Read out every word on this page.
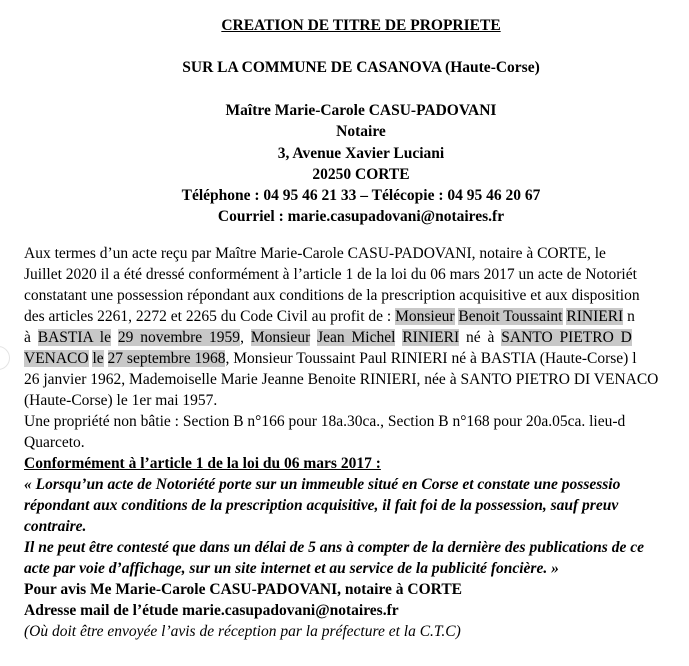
CREATION DE TITRE DE PROPRIETE
SUR LA COMMUNE DE CASANOVA (Haute-Corse)
Maître Marie-Carole CASU-PADOVANI
Notaire
3, Avenue Xavier Luciani
20250 CORTE
Téléphone : 04 95 46 21 33 – Télécopie : 04 95 46 20 67
Courriel : marie.casupadovani@notaires.fr
Aux termes d’un acte reçu par Maître Marie-Carole CASU-PADOVANI, notaire à CORTE, le
Juillet 2020 il a été dressé conformément à l’article 1 de la loi du 06 mars 2017 un acte de Notoriét
constatant une possession répondant aux conditions de la prescription acquisitive et aux disposition
des articles 2261, 2272 et 2265 du Code Civil au profit de : Monsieur Benoit Toussaint RINIERI n
à BASTIA le 29 novembre 1959, Monsieur Jean Michel RINIERI né à SANTO PIETRO D
VENACO le 27 septembre 1968, Monsieur Toussaint Paul RINIERI né à BASTIA (Haute-Corse) l
26 janvier 1962, Mademoiselle Marie Jeanne Benoite RINIERI, née à SANTO PIETRO DI VENACO
(Haute-Corse) le 1er mai 1957.
Une propriété non bâtie : Section B n°166 pour 18a.30ca., Section B n°168 pour 20a.05ca. lieu-d
Quarceto.
Conformément à l’article 1 de la loi du 06 mars 2017 :
« Lorsqu’un acte de Notoriété porte sur un immeuble situé en Corse et constate une possessio
répondant aux conditions de la prescription acquisitive, il fait foi de la possession, sauf preuv
contraire.
Il ne peut être contesté que dans un délai de 5 ans à compter de la dernière des publications de ce
acte par voie d’affichage, sur un site internet et au service de la publicité foncière. »
Pour avis Me Marie-Carole CASU-PADOVANI, notaire à CORTE
Adresse mail de l’étude marie.casupadovani@notaires.fr
(Où doit être envoyée l’avis de réception par la préfecture et la C.T.C)
